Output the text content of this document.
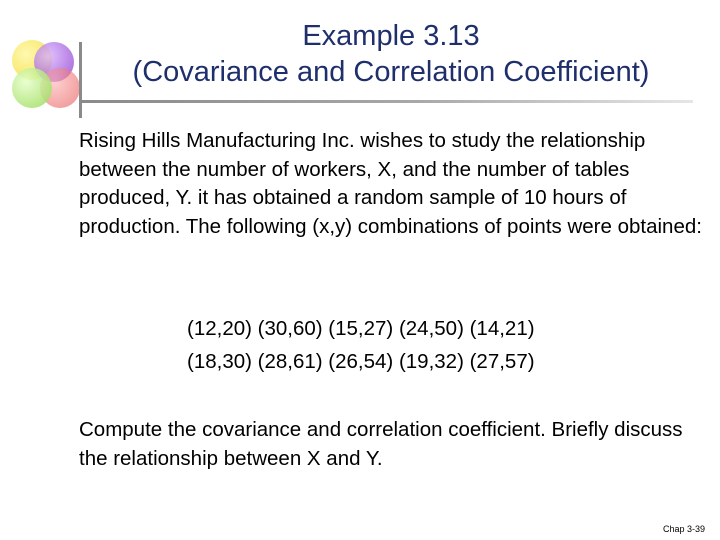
Example 3.13
(Covariance and Correlation Coefficient)
Rising Hills Manufacturing Inc. wishes to study the relationship between the number of workers, X, and the number of tables produced, Y. it has obtained a random sample of 10 hours of production. The following (x,y) combinations of points were obtained:
(12,20) (30,60) (15,27) (24,50) (14,21)
(18,30) (28,61) (26,54) (19,32) (27,57)
Compute the covariance and correlation coefficient. Briefly discuss the relationship between X and Y.
Chap 3-39
